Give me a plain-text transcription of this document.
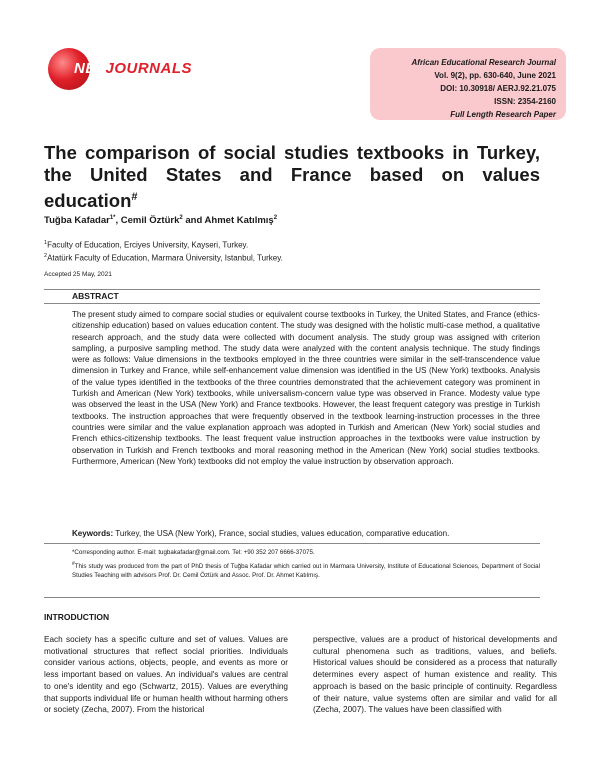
NETJOURNALS	African Educational Research Journal
Vol. 9(2), pp. 630-640, June 2021
DOI: 10.30918/ AERJ.92.21.075
ISSN: 2354-2160
Full Length Research Paper
The comparison of social studies textbooks in Turkey, the United States and France based on values education#
Tuğba Kafadar$^{1*}$, Cemil Öztürk$^2$ and Ahmet Katılmış$^2$
$^1$Faculty of Education, Erciyes University, Kayseri, Turkey.
$^2$Atatürk Faculty of Education, Marmara Üniversity, Istanbul, Turkey.
Accepted 25 May, 2021
ABSTRACT
The present study aimed to compare social studies or equivalent course textbooks in Turkey, the United States, and France (ethics-citizenship education) based on values education content. The study was designed with the holistic multi-case method, a qualitative research approach, and the study data were collected with document analysis. The study group was assigned with criterion sampling, a purposive sampling method. The study data were analyzed with the content analysis technique. The study findings were as follows: Value dimensions in the textbooks employed in the three countries were similar in the self-transcendence value dimension in Turkey and France, while self-enhancement value dimension was identified in the US (New York) textbooks. Analysis of the value types identified in the textbooks of the three countries demonstrated that the achievement category was prominent in Turkish and American (New York) textbooks, while universalism-concern value type was observed in France. Modesty value type was observed the least in the USA (New York) and France textbooks. However, the least frequent category was prestige in Turkish textbooks. The instruction approaches that were frequently observed in the textbook learning-instruction processes in the three countries were similar and the value explanation approach was adopted in Turkish and American (New York) social studies and French ethics-citizenship textbooks. The least frequent value instruction approaches in the textbooks were value instruction by observation in Turkish and French textbooks and moral reasoning method in the American (New York) social studies textbooks. Furthermore, American (New York) textbooks did not employ the value instruction by observation approach.
Keywords: Turkey, the USA (New York), France, social studies, values education, comparative education.
*Corresponding author. E-mail: tugbakafadar@gmail.com. Tel: +90 352 207 6666-37075.
#This study was produced from the part of PhD thesis of Tuğba Kafadar which carried out in Marmara University, Institute of Educational Sciences, Department of Social Studies Teaching with advisors Prof. Dr. Cemil Öztürk and Assoc. Prof. Dr. Ahmet Katılmış.
INTRODUCTION
Each society has a specific culture and set of values. Values are motivational structures that reflect social priorities. Individuals consider various actions, objects, people, and events as more or less important based on values. An individual's values are central to one's identity and ego (Schwartz, 2015). Values are everything that supports individual life or human health without harming others or society (Zecha, 2007). From the historical
perspective, values are a product of historical developments and cultural phenomena such as traditions, values, and beliefs. Historical values should be considered as a process that naturally determines every aspect of human existence and reality. This approach is based on the basic principle of continuity. Regardless of their nature, value systems often are similar and valid for all (Zecha, 2007). The values have been classified with
